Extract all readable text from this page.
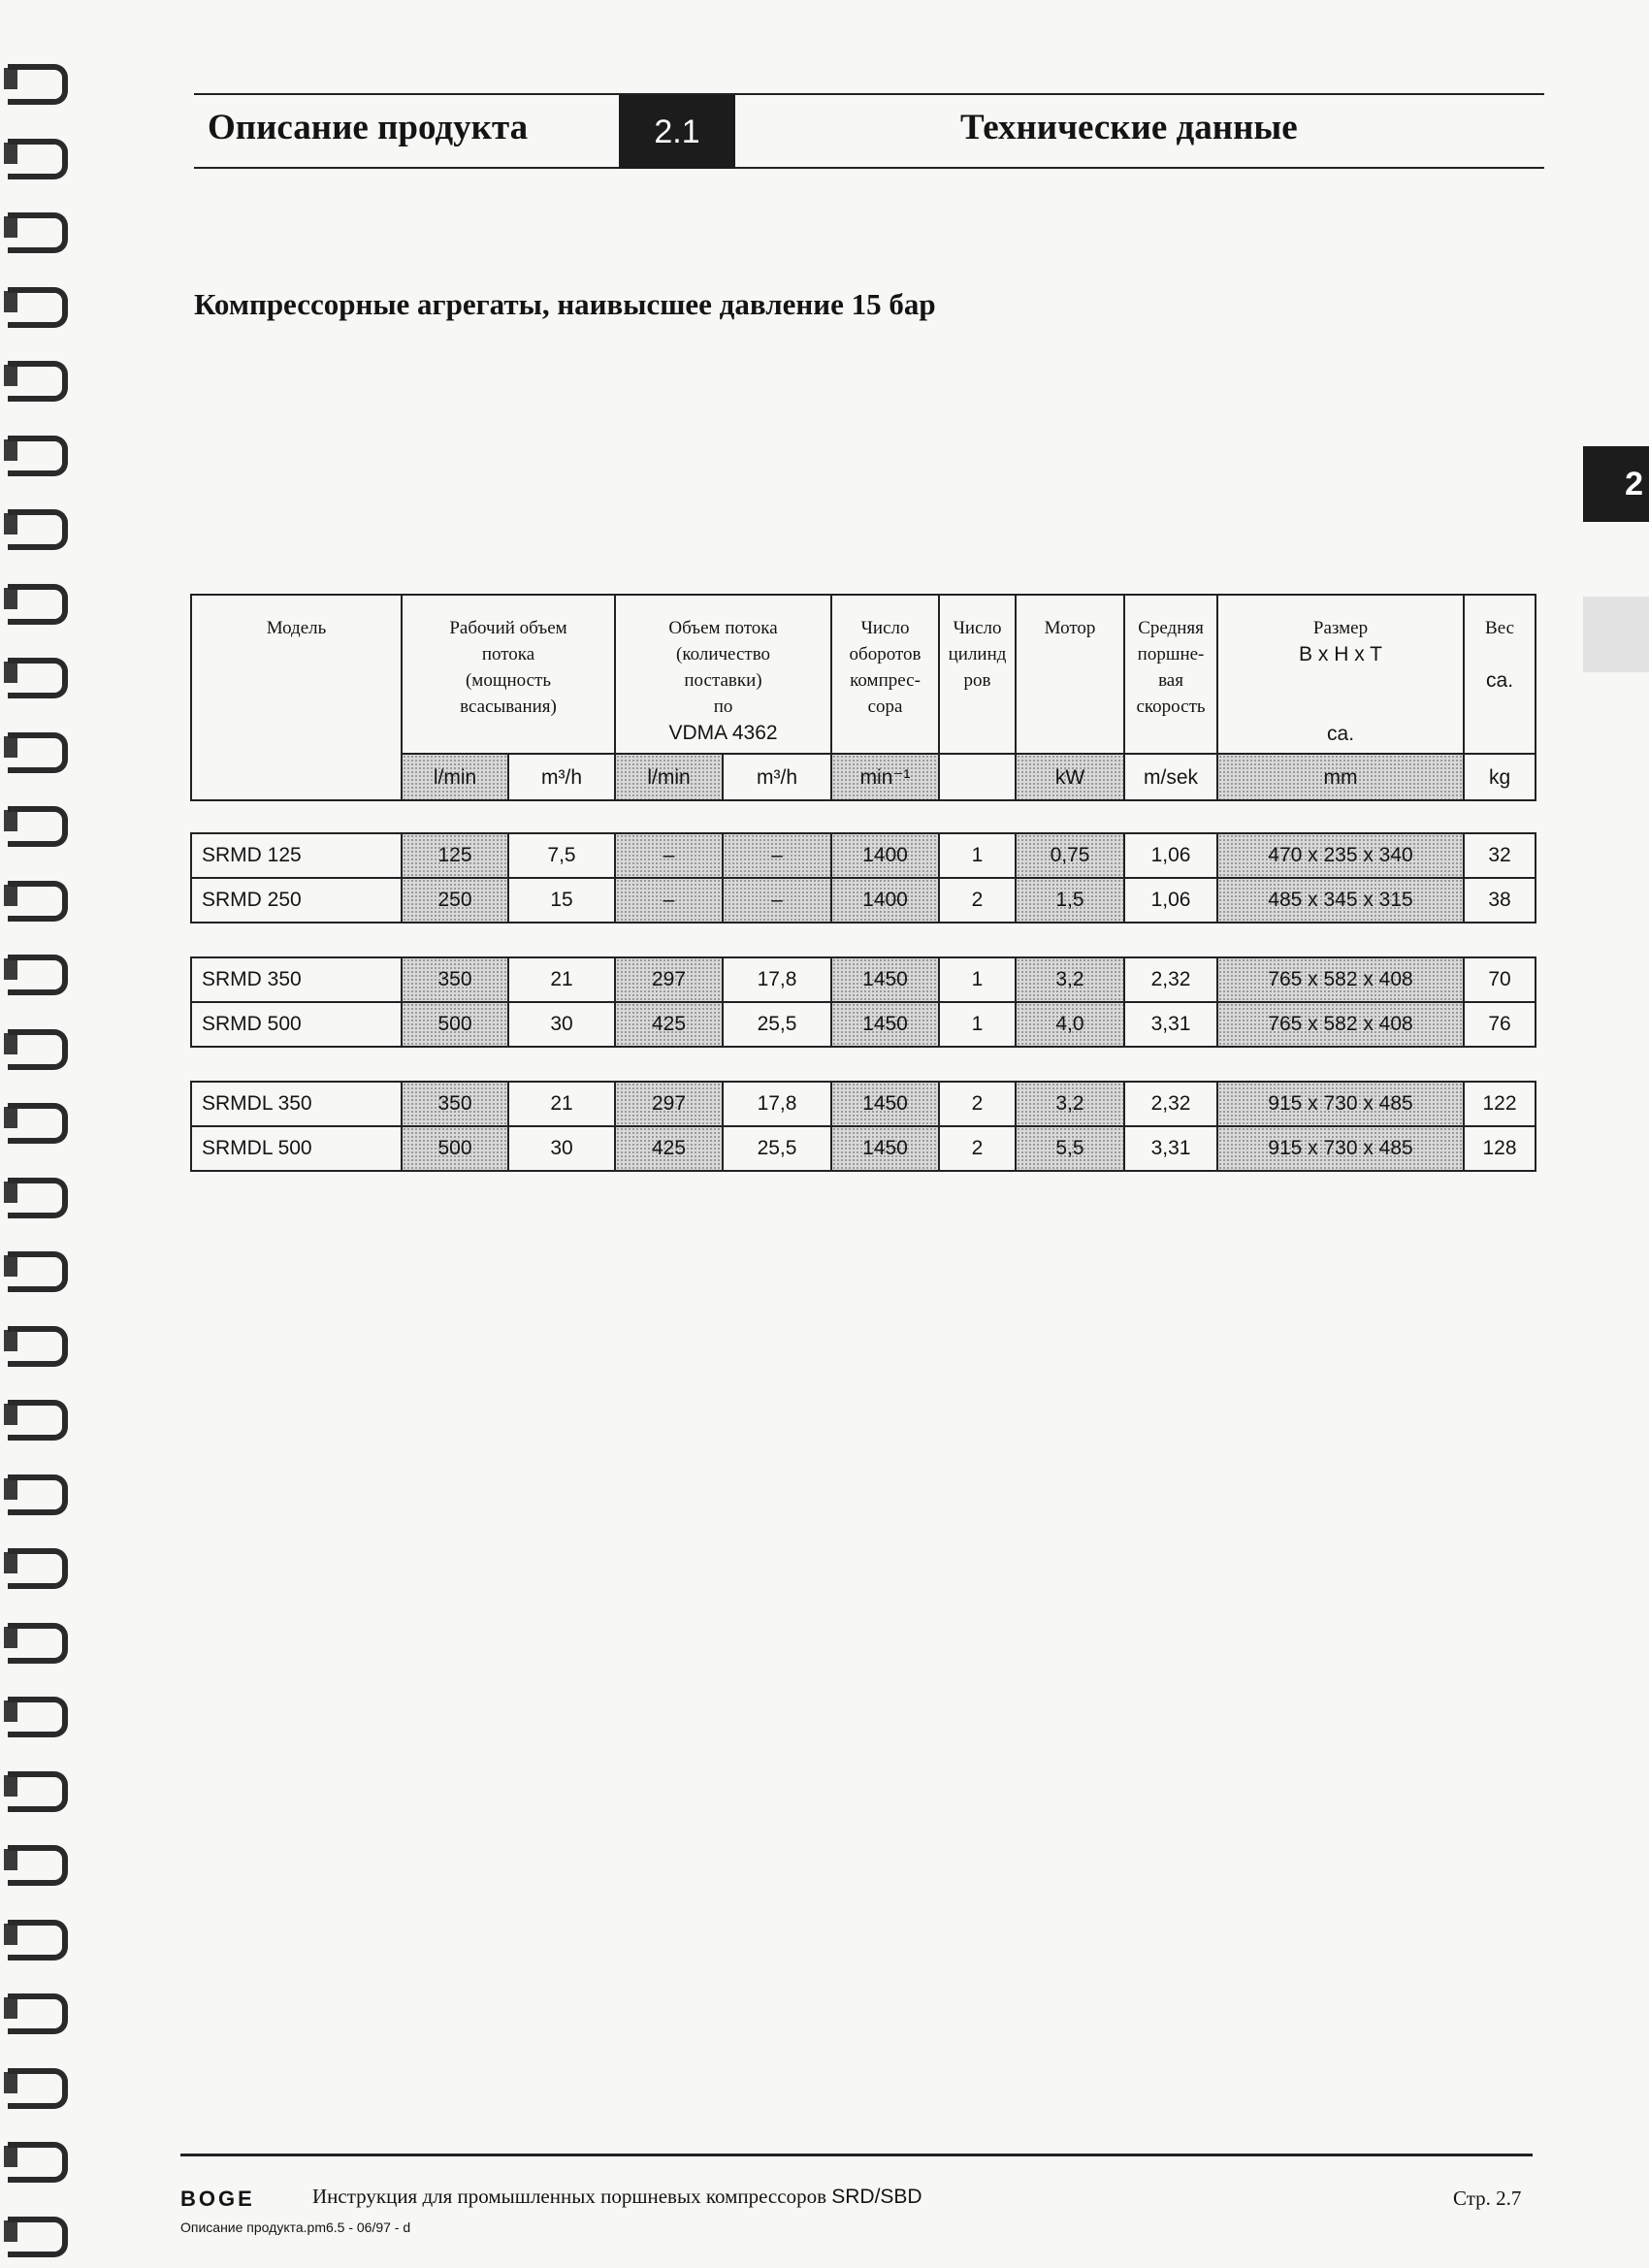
Описание продукта	2.1	Технические данные
2
Компрессорные агрегаты, наивысшее давление 15 бар
Модель	Рабочий объем
потока
(мощность
всасывания)		Объем потока
(количество
поставки)
по
VDMA 4362		Число
оборотов
компрес-
сора	Число
цилинд
ров	Мотор	Средняя
поршне-
вая
скорость	Размер
B x H x T

ca.	Вес

ca.
	l/min	m³/h	l/min	m³/h	min⁻¹		kW	m/sek	mm	kg
SRMD 125	125	7,5	–	–	1400	1	0,75	1,06	470 x 235 x 340	32
SRMD 250	250	15	–	–	1400	2	1,5	1,06	485 x 345 x 315	38
SRMD 350	350	21	297	17,8	1450	1	3,2	2,32	765 x 582 x 408	70
SRMD 500	500	30	425	25,5	1450	1	4,0	3,31	765 x 582 x 408	76
SRMDL 350	350	21	297	17,8	1450	2	3,2	2,32	915 x 730 x 485	122
SRMDL 500	500	30	425	25,5	1450	2	5,5	3,31	915 x 730 x 485	128
BOGE	Инструкция для промышленных поршневых компрессоров SRD/SBD	Стр. 2.7
Описание продукта.pm6.5 - 06/97 - d
